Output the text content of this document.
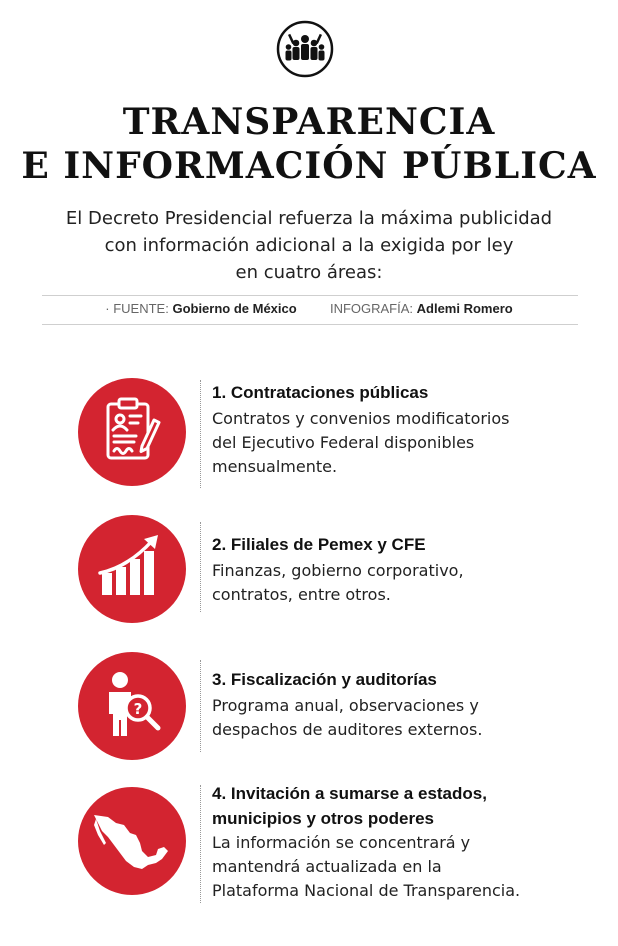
TRANSPARENCIA
E INFORMACIÓN PÚBLICA
El Decreto Presidencial refuerza la máxima publicidad
con información adicional a la exigida por ley
en cuatro áreas:
· FUENTE: Gobierno de México	INFOGRAFÍA: Adlemi Romero
1. Contrataciones públicas
Contratos y convenios modificatorios
del Ejecutivo Federal disponibles
mensualmente.
2. Filiales de Pemex y CFE
Finanzas, gobierno corporativo,
contratos, entre otros.
?
3. Fiscalización y auditorías
Programa anual, observaciones y
despachos de auditores externos.
4. Invitación a sumarse a estados,
municipios y otros poderes
La información se concentrará y
mantendrá actualizada en la
Plataforma Nacional de Transparencia.
